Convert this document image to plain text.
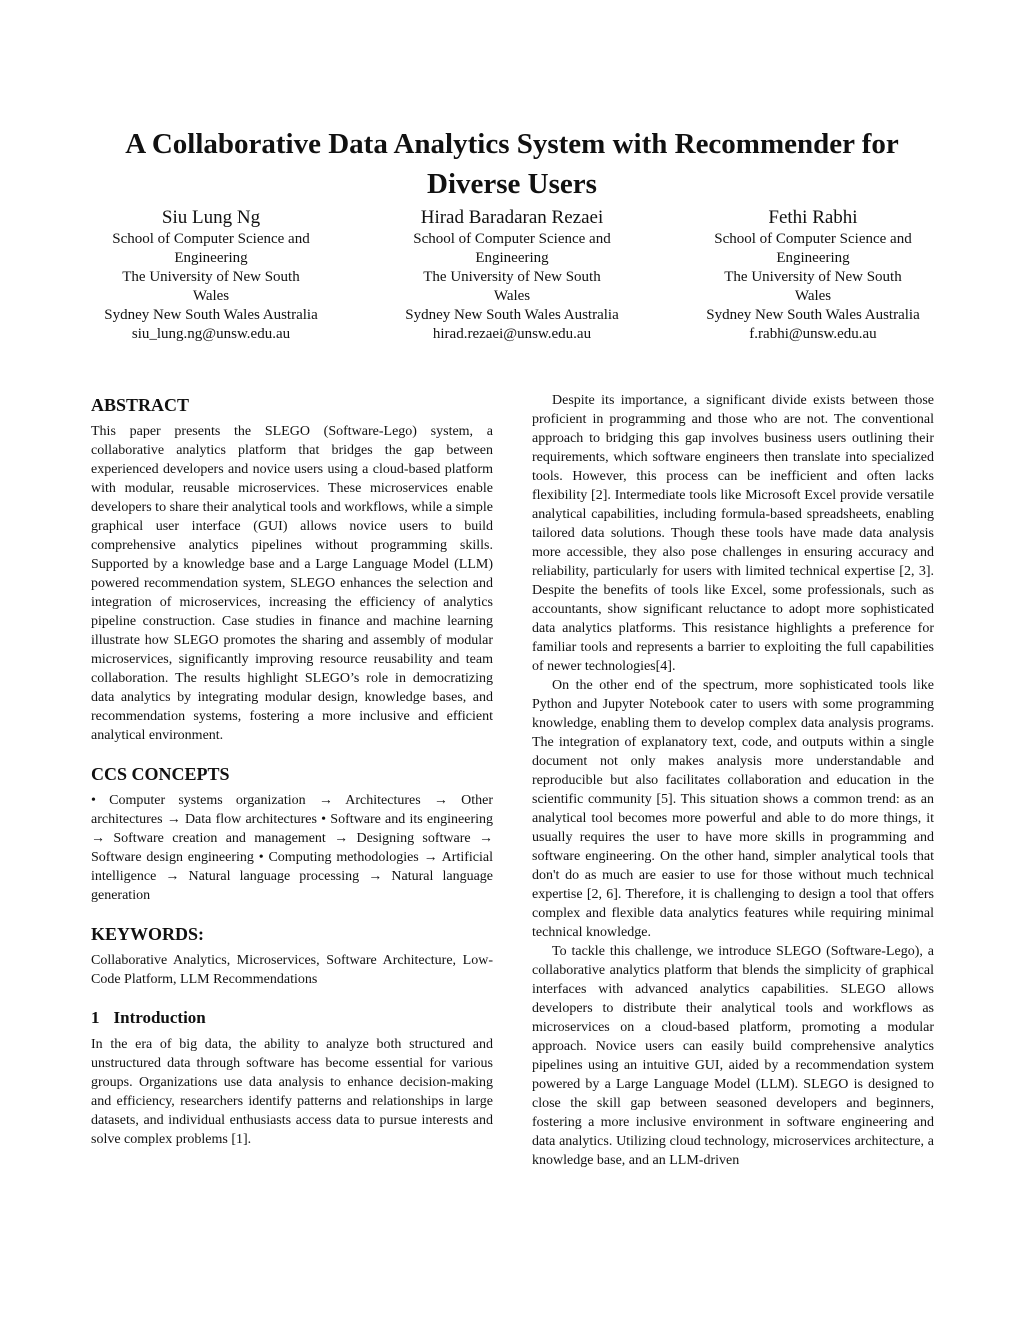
A Collaborative Data Analytics System with Recommender for
Diverse Users
Siu Lung Ng
School of Computer Science and
Engineering
The University of New South
Wales
Sydney New South Wales Australia
siu_lung.ng@unsw.edu.au
Hirad Baradaran Rezaei
School of Computer Science and
Engineering
The University of New South
Wales
Sydney New South Wales Australia
hirad.rezaei@unsw.edu.au
Fethi Rabhi
School of Computer Science and
Engineering
The University of New South
Wales
Sydney New South Wales Australia
f.rabhi@unsw.edu.au
ABSTRACT

This paper presents the SLEGO (Software-Lego) system, a collaborative analytics platform that bridges the gap between experienced developers and novice users using a cloud-based platform with modular, reusable microservices. These microservices enable developers to share their analytical tools and workflows, while a simple graphical user interface (GUI) allows novice users to build comprehensive analytics pipelines without programming skills. Supported by a knowledge base and a Large Language Model (LLM) powered recommendation system, SLEGO enhances the selection and integration of microservices, increasing the efficiency of analytics pipeline construction. Case studies in finance and machine learning illustrate how SLEGO promotes the sharing and assembly of modular microservices, significantly improving resource reusability and team collaboration. The results highlight SLEGO’s role in democratizing data analytics by integrating modular design, knowledge bases, and recommendation systems, fostering a more inclusive and efficient analytical environment.

CCS CONCEPTS

• Computer systems organization → Architectures → Other architectures → Data flow architectures • Software and its engineering → Software creation and management → Designing software → Software design engineering • Computing methodologies → Artificial intelligence → Natural language processing → Natural language generation

KEYWORDS:

Collaborative Analytics, Microservices, Software Architecture, Low-Code Platform, LLM Recommendations

1 Introduction

In the era of big data, the ability to analyze both structured and unstructured data through software has become essential for various groups. Organizations use data analysis to enhance decision-making and efficiency, researchers identify patterns and relationships in large datasets, and individual enthusiasts access data to pursue interests and solve complex problems [1].

Despite its importance, a significant divide exists between those proficient in programming and those who are not. The conventional approach to bridging this gap involves business users outlining their requirements, which software engineers then translate into specialized tools. However, this process can be inefficient and often lacks flexibility [2]. Intermediate tools like Microsoft Excel provide versatile analytical capabilities, including formula-based spreadsheets, enabling tailored data solutions. Though these tools have made data analysis more accessible, they also pose challenges in ensuring accuracy and reliability, particularly for users with limited technical expertise [2, 3]. Despite the benefits of tools like Excel, some professionals, such as accountants, show significant reluctance to adopt more sophisticated data analytics platforms. This resistance highlights a preference for familiar tools and represents a barrier to exploiting the full capabilities of newer technologies[4].

On the other end of the spectrum, more sophisticated tools like Python and Jupyter Notebook cater to users with some programming knowledge, enabling them to develop complex data analysis programs. The integration of explanatory text, code, and outputs within a single document not only makes analysis more understandable and reproducible but also facilitates collaboration and education in the scientific community [5]. This situation shows a common trend: as an analytical tool becomes more powerful and able to do more things, it usually requires the user to have more skills in programming and software engineering. On the other hand, simpler analytical tools that don't do as much are easier to use for those without much technical expertise [2, 6]. Therefore, it is challenging to design a tool that offers complex and flexible data analytics features while requiring minimal technical knowledge.

To tackle this challenge, we introduce SLEGO (Software-Lego), a collaborative analytics platform that blends the simplicity of graphical interfaces with advanced analytics capabilities. SLEGO allows developers to distribute their analytical tools and workflows as microservices on a cloud-based platform, promoting a modular approach. Novice users can easily build comprehensive analytics pipelines using an intuitive GUI, aided by a recommendation system powered by a Large Language Model (LLM). SLEGO is designed to close the skill gap between seasoned developers and beginners, fostering a more inclusive environment in software engineering and data analytics. Utilizing cloud technology, microservices architecture, a knowledge base, and an LLM-driven
